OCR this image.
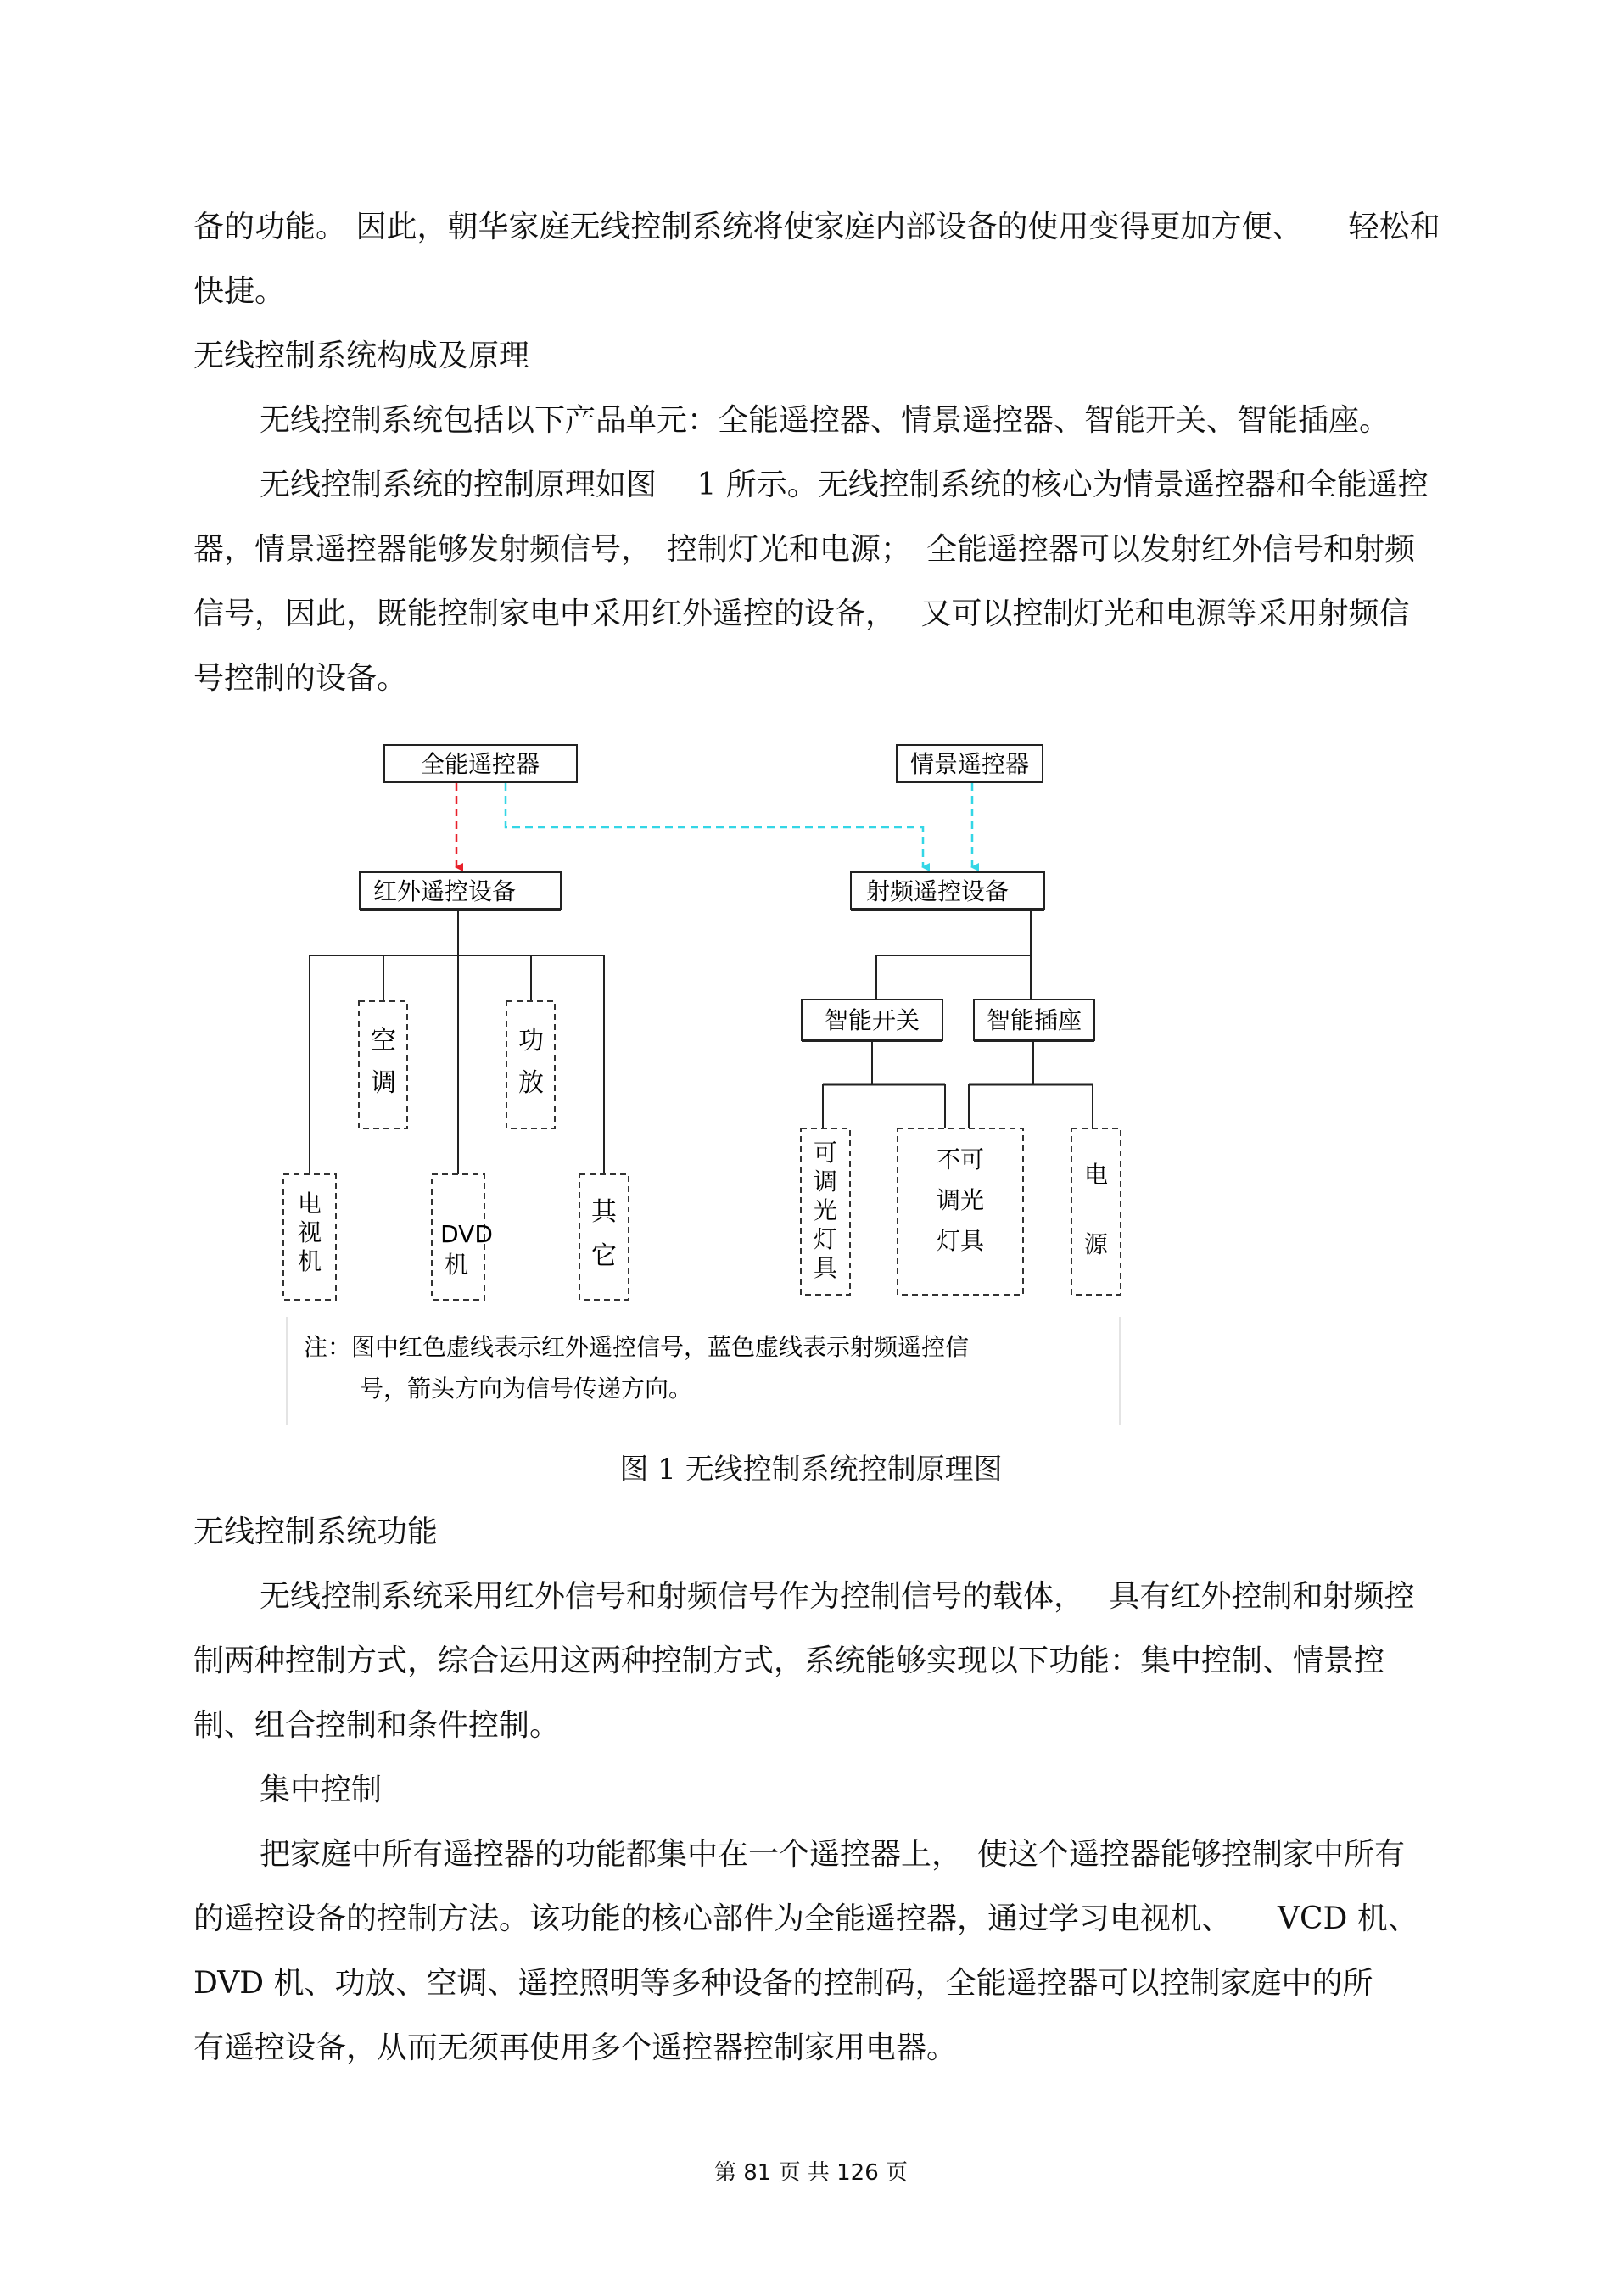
备的功能。 因此，朝华家庭无线控制系统将使家庭内部设备的使用变得更加方便、　　轻松和
快捷。
无线控制系统构成及原理
无线控制系统包括以下产品单元：全能遥控器、情景遥控器、智能开关、智能插座。
无线控制系统的控制原理如图　 1 所示。无线控制系统的核心为情景遥控器和全能遥控
器，情景遥控器能够发射频信号，　控制灯光和电源；　全能遥控器可以发射红外信号和射频
信号，因此，既能控制家电中采用红外遥控的设备，　 又可以控制灯光和电源等采用射频信
号控制的设备。
全能遥控器	情景遥控器
红外遥控设备	射频遥控设备
空
调
功
放
电
视
机
DVD
机
其
它
智能开关	智能插座
可
调
光
灯
具
不可
调光
灯具
电
源
注：图中红色虚线表示红外遥控信号，蓝色虚线表示射频遥控信
号，箭头方向为信号传递方向。
图 1 无线控制系统控制原理图
无线控制系统功能
无线控制系统采用红外信号和射频信号作为控制信号的载体，　 具有红外控制和射频控
制两种控制方式，综合运用这两种控制方式，系统能够实现以下功能：集中控制、情景控
制、组合控制和条件控制。
集中控制
把家庭中所有遥控器的功能都集中在一个遥控器上，　使这个遥控器能够控制家中所有
的遥控设备的控制方法。该功能的核心部件为全能遥控器，通过学习电视机、　　VCD 机、
DVD 机、功放、空调、遥控照明等多种设备的控制码，全能遥控器可以控制家庭中的所
有遥控设备，从而无须再使用多个遥控器控制家用电器。
第 81 页 共 126 页
